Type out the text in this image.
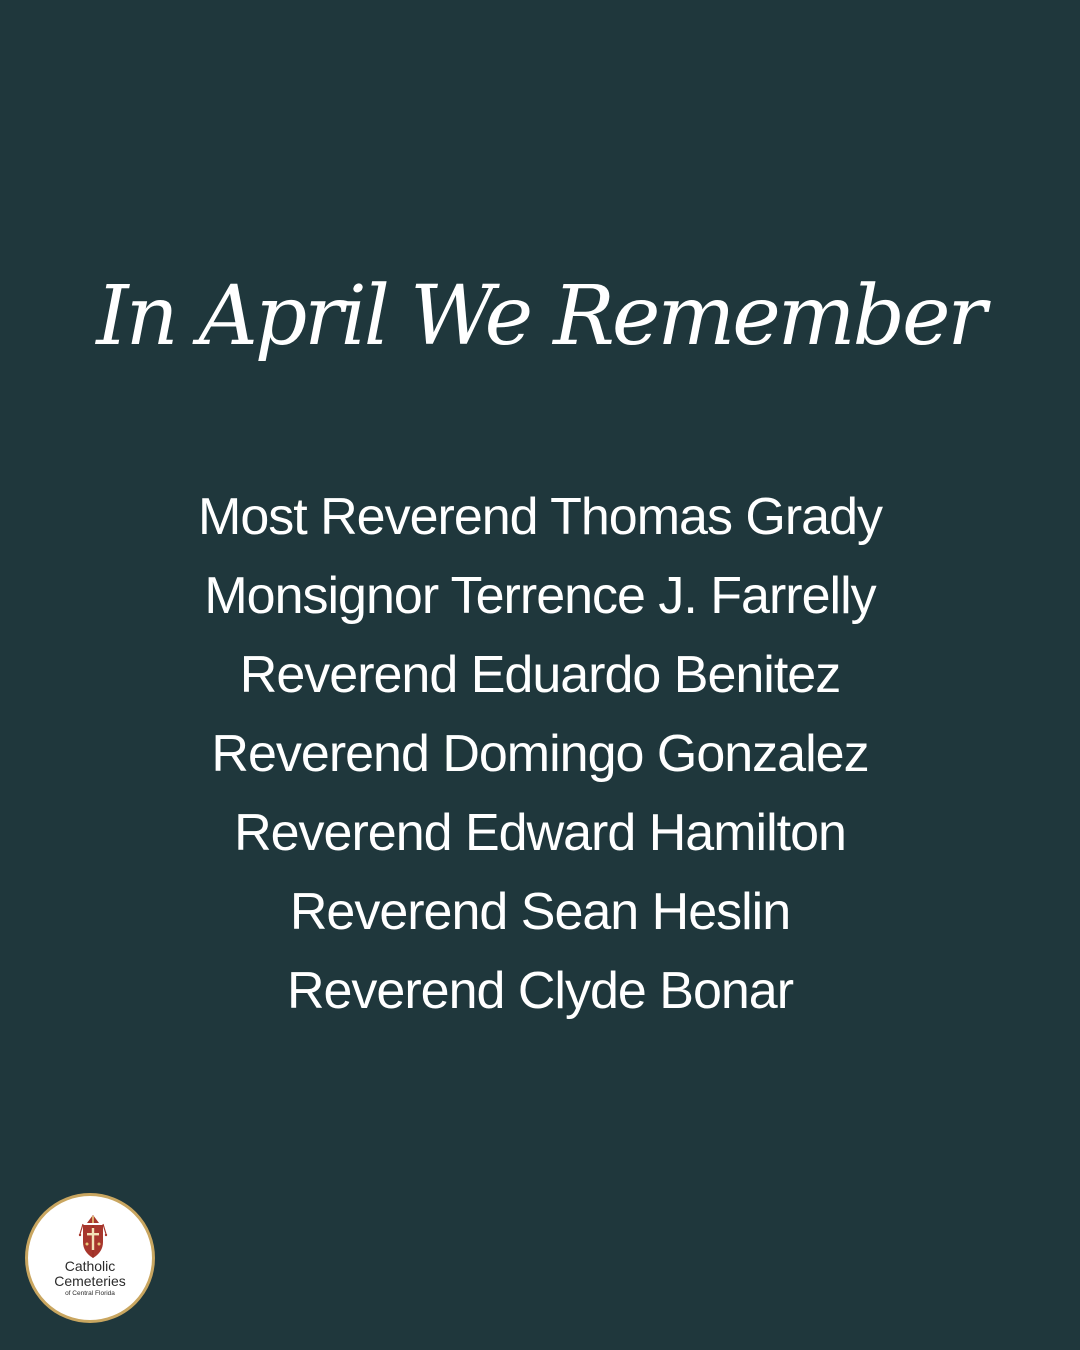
In April We Remember
Most Reverend Thomas Grady
Monsignor Terrence J. Farrelly
Reverend Eduardo Benitez
Reverend Domingo Gonzalez
Reverend Edward Hamilton
Reverend Sean Heslin
Reverend Clyde Bonar
Catholic
Cemeteries
of Central Florida
